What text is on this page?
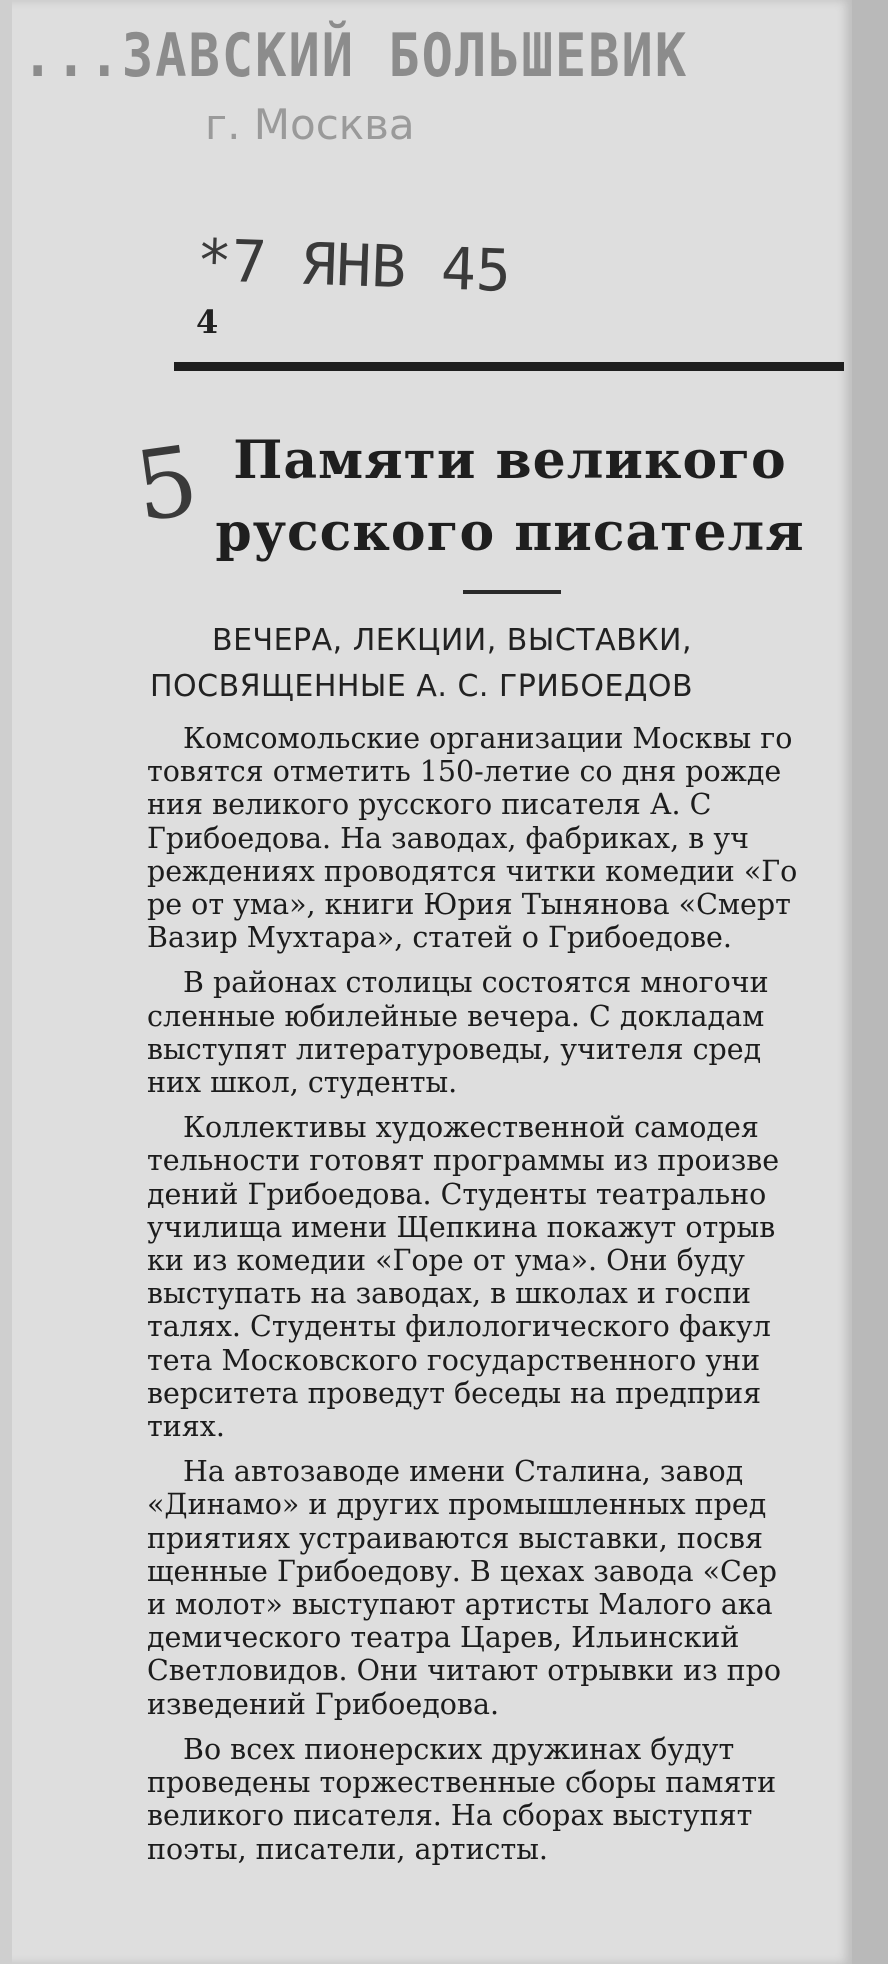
...ЗАВСКИЙ БОЛЬШЕВИК
г. Москва
*7 ЯНВ 45
4
5 Памяти великого
русского писателя
ВЕЧЕРА, ЛЕКЦИИ, ВЫСТАВКИ,
ПОСВЯЩЕННЫЕ А. С. ГРИБОЕДОВ

Комсомольские организации Москвы го
товятся отметить 150-летие со дня рожде
ния великого русского писателя А. С
Грибоедова. На заводах, фабриках, в уч
реждениях проводятся читки комедии «Го
ре от ума», книги Юрия Тынянова «Смерт
Вазир Мухтара», статей о Грибоедове.

В районах столицы состоятся многочи
сленные юбилейные вечера. С докладам
выступят литературоведы, учителя сред
них школ, студенты.

Коллективы художественной самодея
тельности готовят программы из произве
дений Грибоедова. Студенты театрально
училища имени Щепкина покажут отрыв
ки из комедии «Горе от ума». Они буду
выступать на заводах, в школах и госпи
талях. Студенты филологического факул
тета Московского государственного уни
верситета проведут беседы на предприя
тиях.

На автозаводе имени Сталина, завод
«Динамо» и других промышленных пред
приятиях устраиваются выставки, посвя
щенные Грибоедову. В цехах завода «Сер
и молот» выступают артисты Малого ака
демического театра Царев, Ильинский
Светловидов. Они читают отрывки из про
изведений Грибоедова.

Во всех пионерских дружинах будут
проведены торжественные сборы памяти
великого писателя. На сборах выступят
поэты, писатели, артисты.
